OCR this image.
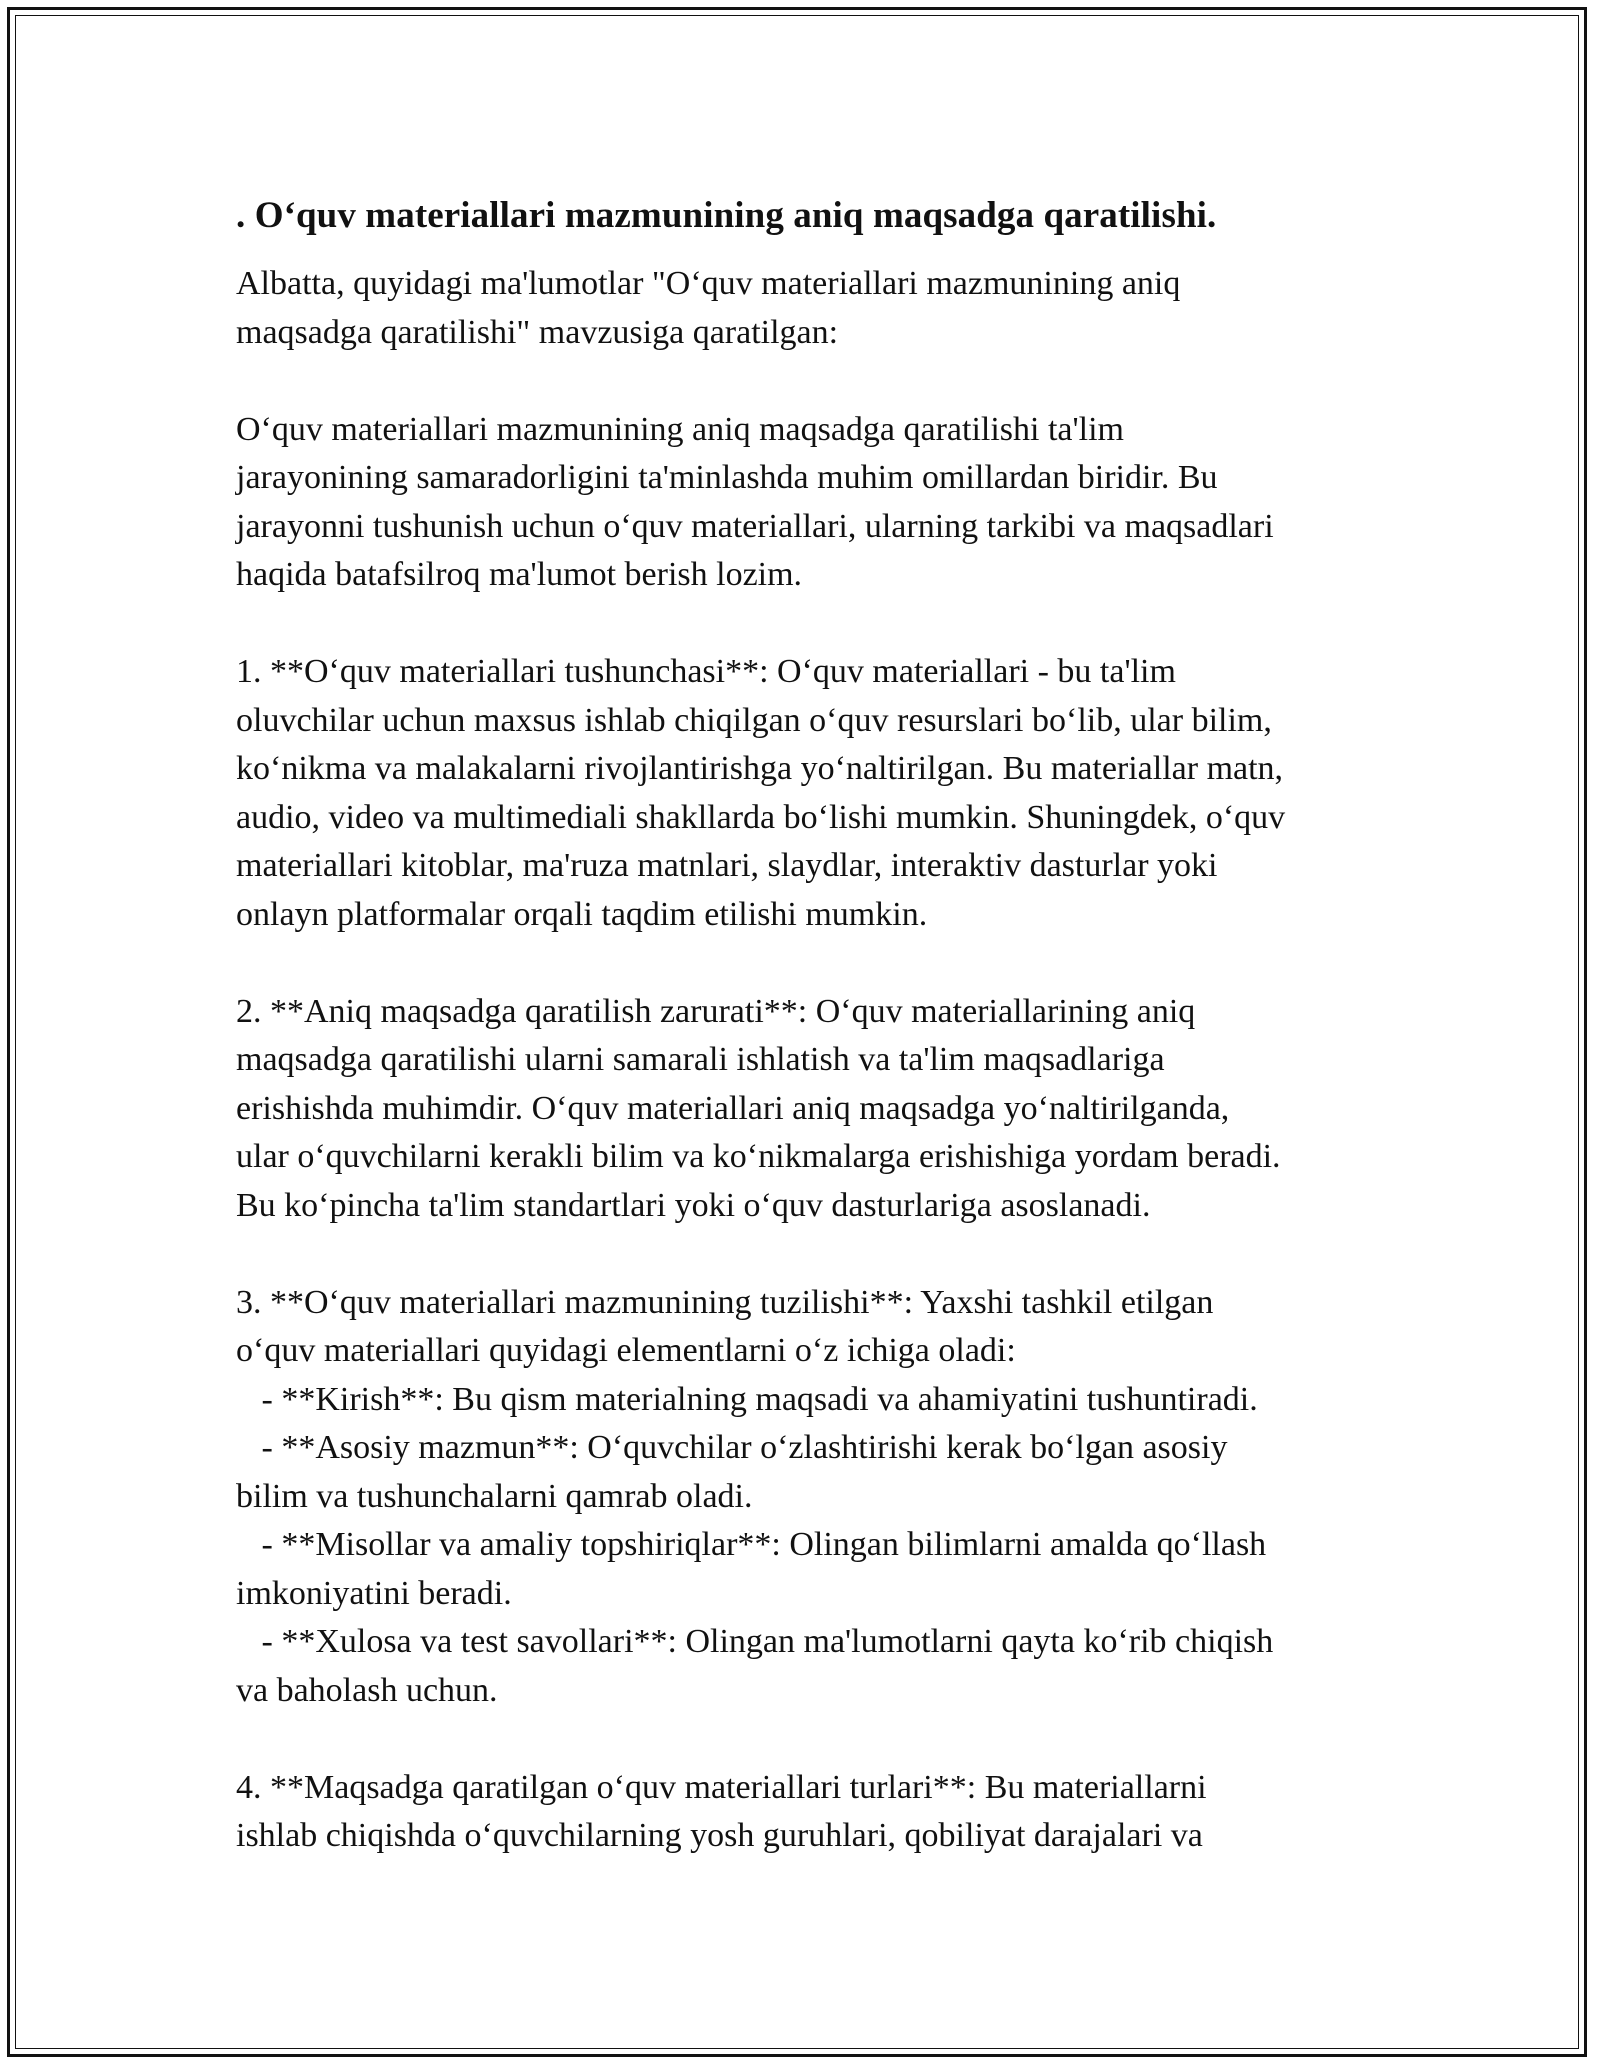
. O‘quv materiallari mazmunining aniq maqsadga qaratilishi.

Albatta, quyidagi ma'lumotlar "O‘quv materiallari mazmunining aniq
maqsadga qaratilishi" mavzusiga qaratilgan:

O‘quv materiallari mazmunining aniq maqsadga qaratilishi ta'lim
jarayonining samaradorligini ta'minlashda muhim omillardan biridir. Bu
jarayonni tushunish uchun o‘quv materiallari, ularning tarkibi va maqsadlari
haqida batafsilroq ma'lumot berish lozim.

1. **O‘quv materiallari tushunchasi**: O‘quv materiallari - bu ta'lim
oluvchilar uchun maxsus ishlab chiqilgan o‘quv resurslari bo‘lib, ular bilim,
ko‘nikma va malakalarni rivojlantirishga yo‘naltirilgan. Bu materiallar matn,
audio, video va multimediali shakllarda bo‘lishi mumkin. Shuningdek, o‘quv
materiallari kitoblar, ma'ruza matnlari, slaydlar, interaktiv dasturlar yoki
onlayn platformalar orqali taqdim etilishi mumkin.

2. **Aniq maqsadga qaratilish zarurati**: O‘quv materiallarining aniq
maqsadga qaratilishi ularni samarali ishlatish va ta'lim maqsadlariga
erishishda muhimdir. O‘quv materiallari aniq maqsadga yo‘naltirilganda,
ular o‘quvchilarni kerakli bilim va ko‘nikmalarga erishishiga yordam beradi.
Bu ko‘pincha ta'lim standartlari yoki o‘quv dasturlariga asoslanadi.

3. **O‘quv materiallari mazmunining tuzilishi**: Yaxshi tashkil etilgan
o‘quv materiallari quyidagi elementlarni o‘z ichiga oladi:
- **Kirish**: Bu qism materialning maqsadi va ahamiyatini tushuntiradi.
- **Asosiy mazmun**: O‘quvchilar o‘zlashtirishi kerak bo‘lgan asosiy
bilim va tushunchalarni qamrab oladi.
- **Misollar va amaliy topshiriqlar**: Olingan bilimlarni amalda qo‘llash
imkoniyatini beradi.
- **Xulosa va test savollari**: Olingan ma'lumotlarni qayta ko‘rib chiqish
va baholash uchun.

4. **Maqsadga qaratilgan o‘quv materiallari turlari**: Bu materiallarni
ishlab chiqishda o‘quvchilarning yosh guruhlari, qobiliyat darajalari va
